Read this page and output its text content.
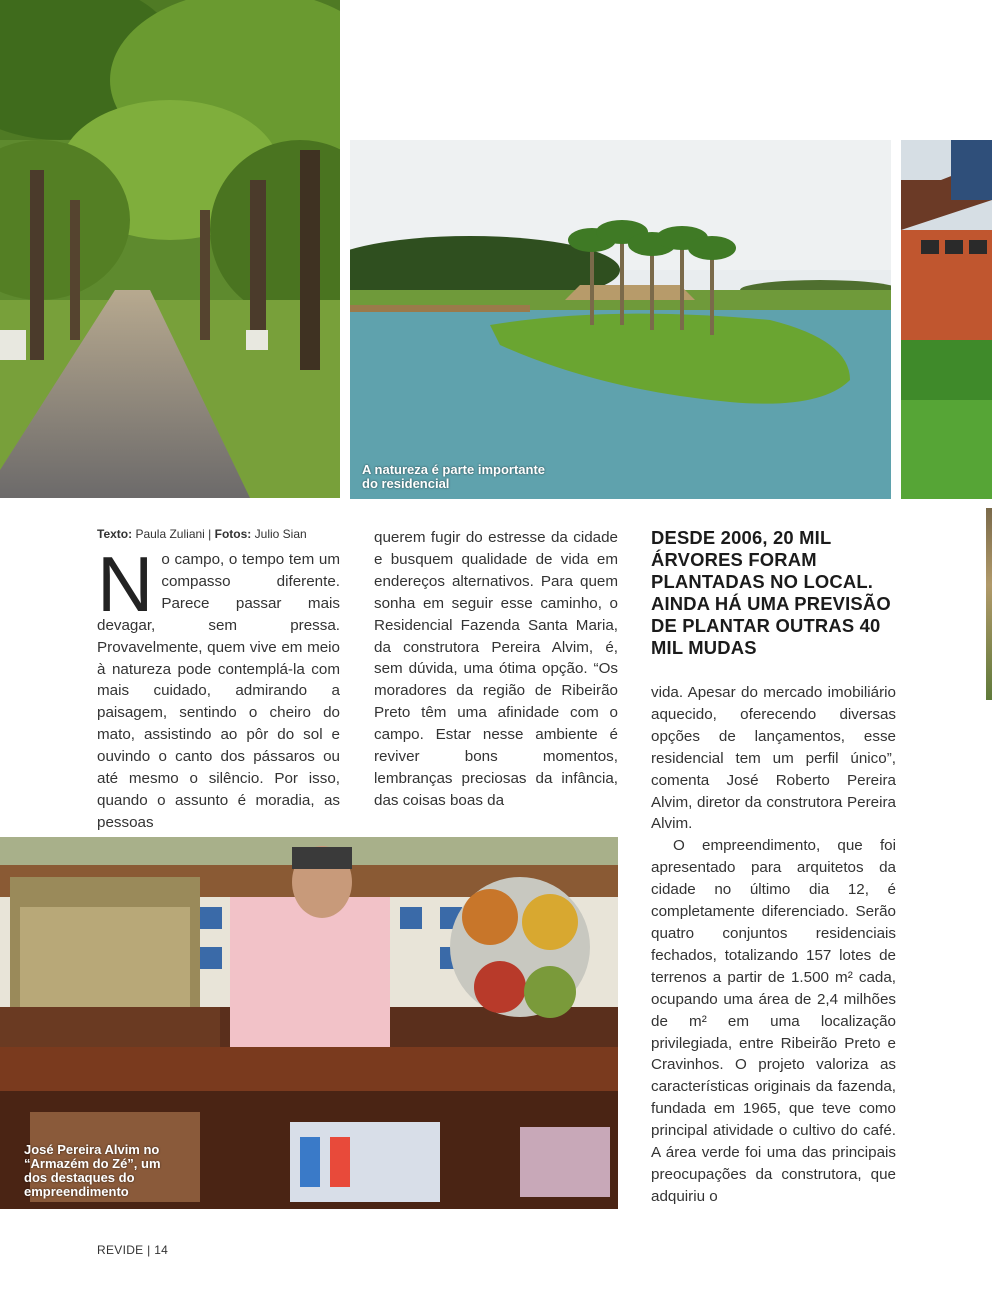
A natureza é parte importante do residencial
Texto: Paula Zuliani | Fotos: Julio Sian

N o campo, o tempo tem um compasso diferente. Parece passar mais devagar, sem pressa. Provavelmente, quem vive em meio à natureza pode contemplá-la com mais cuidado, admirando a paisagem, sentindo o cheiro do mato, assistindo ao pôr do sol e ouvindo o canto dos pássaros ou até mesmo o silêncio. Por isso, quando o assunto é moradia, as pessoas

querem fugir do estresse da cidade e busquem qualidade de vida em endereços alternativos. Para quem sonha em seguir esse caminho, o Residencial Fazenda Santa Maria, da construtora Pereira Alvim, é, sem dúvida, uma ótima opção. “Os moradores da região de Ribeirão Preto têm uma afinidade com o campo. Estar nesse ambiente é reviver bons momentos, lembranças preciosas da infância, das coisas boas da

DESDE 2006, 20 MIL ÁRVORES FORAM PLANTADAS NO LOCAL. AINDA HÁ UMA PREVISÃO DE PLANTAR OUTRAS 40 MIL MUDAS

vida. Apesar do mercado imobiliário aquecido, oferecendo diversas opções de lançamentos, esse residencial tem um perfil único”, comenta José Roberto Pereira Alvim, diretor da construtora Pereira Alvim.

O empreendimento, que foi apresentado para arquitetos da cidade no último dia 12, é completamente diferenciado. Serão quatro conjuntos residenciais fechados, totalizando 157 lotes de terrenos a partir de 1.500 m² cada, ocupando uma área de 2,4 milhões de m² em uma localização privilegiada, entre Ribeirão Preto e Cravinhos. O projeto valoriza as características originais da fazenda, fundada em 1965, que teve como principal atividade o cultivo do café. A área verde foi uma das principais preocupações da construtora, que adquiriu o

José Pereira Alvim no “Armazém do Zé”, um dos destaques do empreendimento
REVIDE | 14
